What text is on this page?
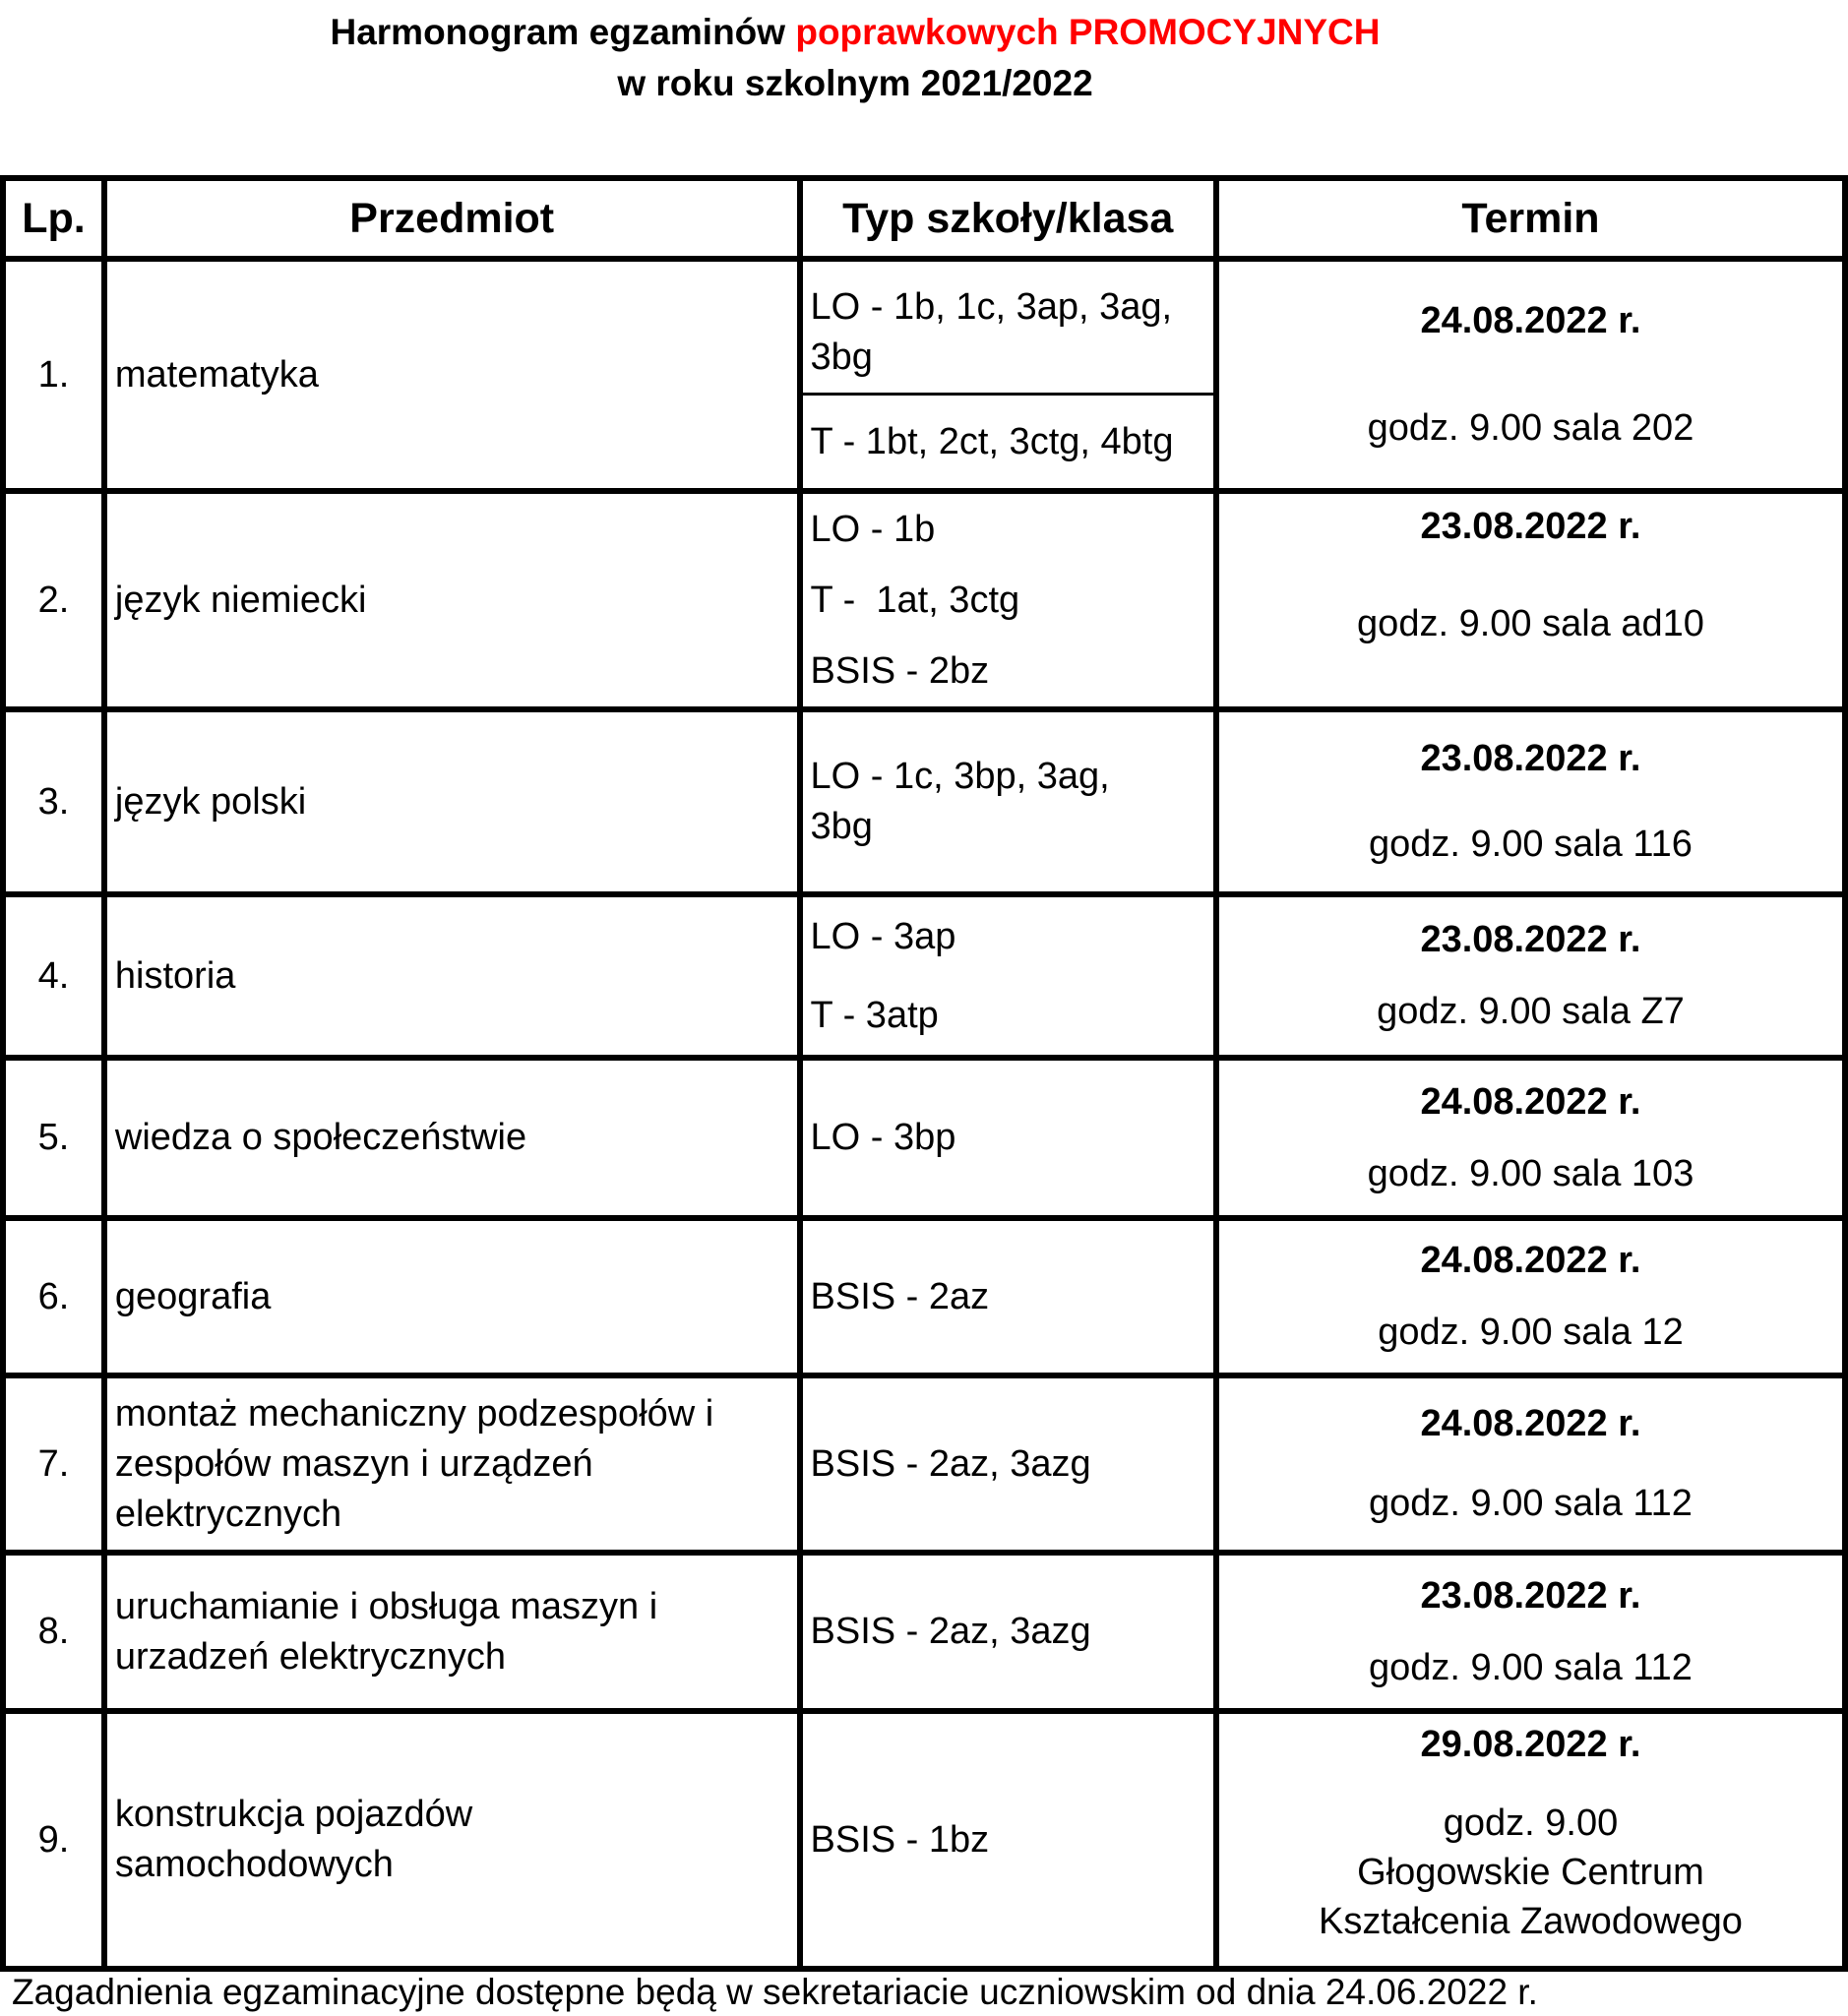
Harmonogram egzaminów poprawkowych PROMOCYJNYCH
w roku szkolnym 2021/2022
Lp.	Przedmiot	Typ szkoły/klasa	Termin
1.	matematyka	LO - 1b, 1c, 3ap, 3ag, 3bg
T - 1bt, 2ct, 3ctg, 4btg	24.08.2022 r.
godz. 9.00 sala 202

2.	język niemiecki	LO - 1b
T -  1at, 3ctg
BSIS - 2bz	23.08.2022 r.
godz. 9.00 sala ad10

3.	język polski	LO - 1c, 3bp, 3ag, 3bg	23.08.2022 r.
godz. 9.00 sala 116

4.	historia	LO - 3ap
T - 3atp	23.08.2022 r.
godz. 9.00 sala Z7

5.	wiedza o społeczeństwie	LO - 3bp	24.08.2022 r.
godz. 9.00 sala 103

6.	geografia	BSIS - 2az	24.08.2022 r.
godz. 9.00 sala 12

7.	montaż mechaniczny podzespołów i zespołów maszyn i urządzeń elektrycznych	BSIS - 2az, 3azg	24.08.2022 r.
godz. 9.00 sala 112

8.	uruchamianie i obsługa maszyn i urzadzeń elektrycznych	BSIS - 2az, 3azg	23.08.2022 r.
godz. 9.00 sala 112

9.	konstrukcja pojazdów samochodowych	BSIS - 1bz	29.08.2022 r.
godz. 9.00
Głogowskie Centrum Kształcenia Zawodowego
Zagadnienia egzaminacyjne dostępne będą w sekretariacie uczniowskim od dnia 24.06.2022 r.
